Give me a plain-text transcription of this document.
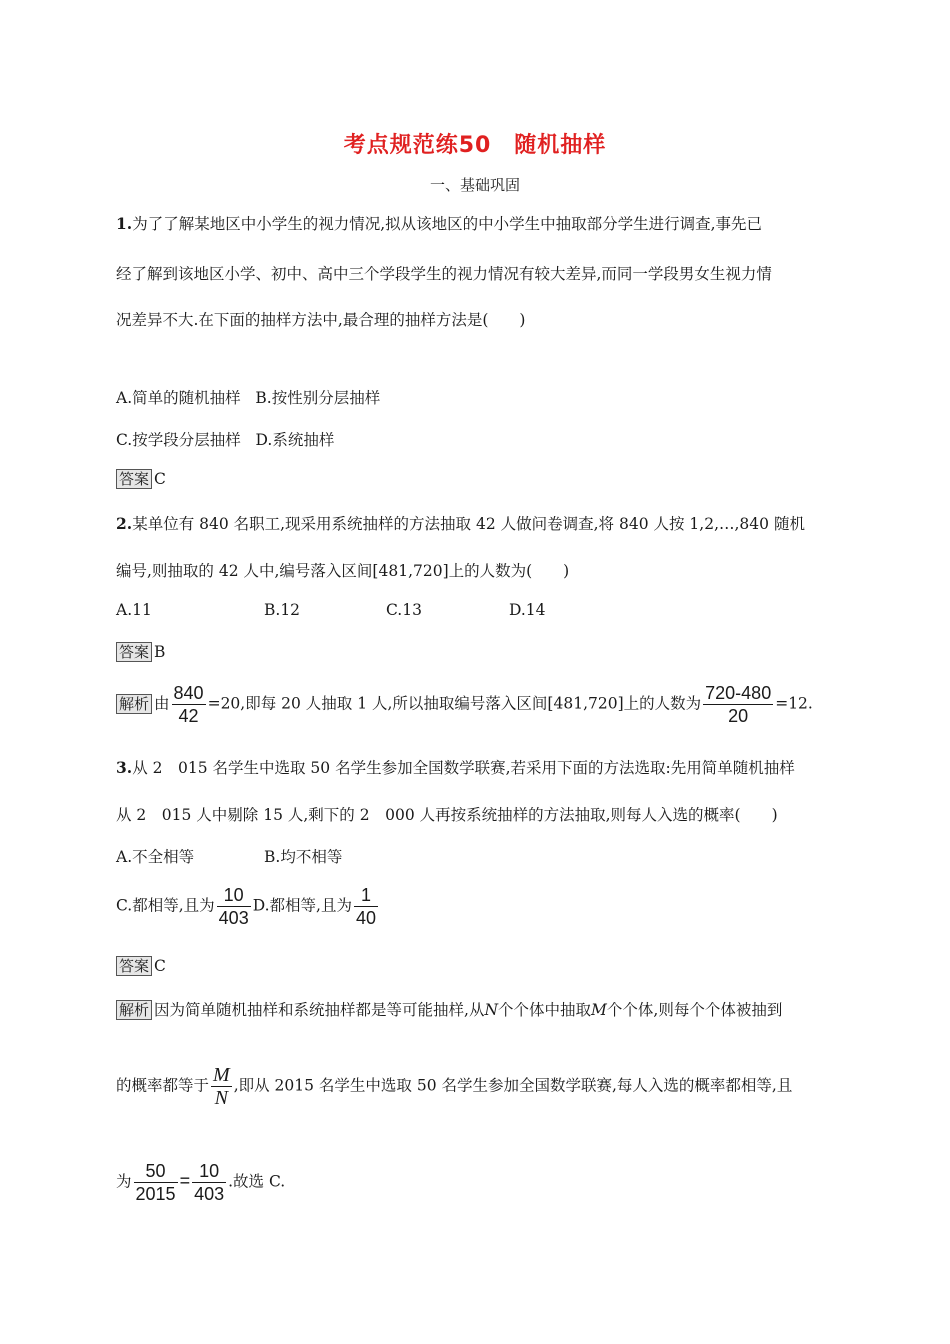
考点规范练50　随机抽样
一、基础巩固
1.为了了解某地区中小学生的视力情况,拟从该地区的中小学生中抽取部分学生进行调查,事先已
经了解到该地区小学、初中、高中三个学段学生的视力情况有较大差异,而同一学段男女生视力情
况差异不大.在下面的抽样方法中,最合理的抽样方法是(　　)
A.简单的随机抽样 B.按性别分层抽样
C.按学段分层抽样 D.系统抽样
答案 C
2.某单位有 840 名职工,现采用系统抽样的方法抽取 42 人做问卷调查,将 840 人按 1,2,…,840 随机
编号,则抽取的 42 人中,编号落入区间[481,720]上的人数为(　　)
A.11	B.12	C.13	D.14
答案 B
解析 由 $\frac{840}{42} =20$,即每 20 人抽取 1 人,所以抽取编号落入区间[481,720]上的人数为 $\frac{720-480}{20} =12$.
3.从 2　015 名学生中选取 50 名学生参加全国数学联赛,若采用下面的方法选取:先用简单随机抽样
从 2　015 人中剔除 15 人,剩下的 2　000 人再按系统抽样的方法抽取,则每人入选的概率(　　)
A.不全相等	B.均不相等
C.都相等,且为 $\frac{10}{403} D$.都相等,且为 $\frac{1}{40}$
答案 C
解析 因为简单随机抽样和系统抽样都是等可能抽样,从N个个体中抽取M个个体,则每个个体被抽到
的概率都等于 $\frac{M}{N}$ ,即从 2015 名学生中选取 50 名学生参加全国数学联赛,每人入选的概率都相等,且
为 $\frac{50}{2015} = \frac{10}{403}$ .故选 C.
